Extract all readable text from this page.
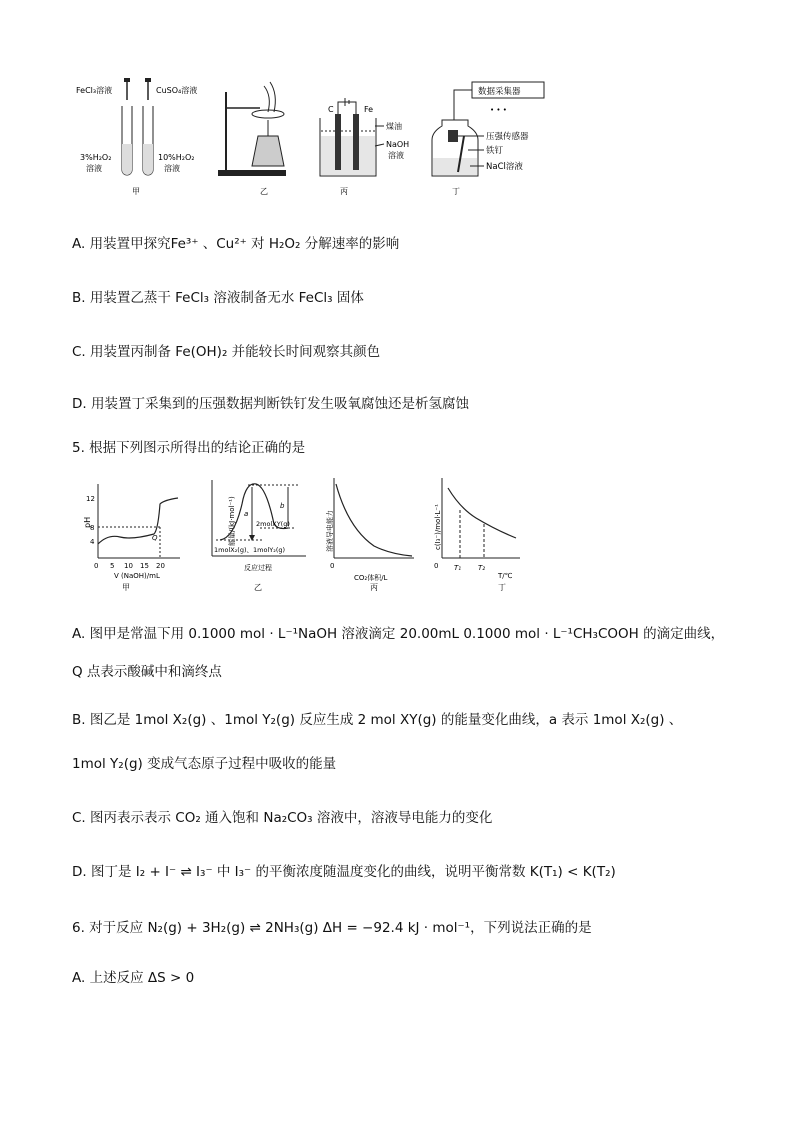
FeCl₃溶液	CuSO₄溶液
3%H₂O₂
溶液
10%H₂O₂
溶液
甲	乙
C	Fe
煤油
NaOH
溶液
丙
数据采集器
• • •
压强传感器
铁钉
NaCl溶液
丁
A. 用装置甲探究Fe³⁺ 、Cu²⁺ 对 H₂O₂ 分解速率的影响
B. 用装置乙蒸干 FeCl₃ 溶液制备无水 FeCl₃ 固体
C. 用装置丙制备 Fe(OH)₂ 并能较长时间观察其颜色
D. 用装置丁采集到的压强数据判断铁钉发生吸氧腐蚀还是析氢腐蚀
5. 根据下列图示所得出的结论正确的是
pH
12
8
4	Q
0 5 10 15 20
V (NaOH)/mL
甲
能量/(kJ·mol⁻¹) a
b
2molXY(g)
1molX₂(g)、1molY₂(g)
反应过程
乙
溶液导电能力
0
CO₂体积/L
丙
c(I₃⁻)/mol·L⁻¹
0 T₁ T₂
T/℃
丁
A. 图甲是常温下用 0.1000 mol · L⁻¹NaOH 溶液滴定 20.00mL 0.1000 mol · L⁻¹CH₃COOH 的滴定曲线，
Q 点表示酸碱中和滴终点
B. 图乙是 1mol X₂(g) 、1mol Y₂(g) 反应生成 2 mol XY(g) 的能量变化曲线，a 表示 1mol X₂(g) 、
1mol Y₂(g) 变成气态原子过程中吸收的能量
C. 图丙表示表示 CO₂ 通入饱和 Na₂CO₃ 溶液中，溶液导电能力的变化
D. 图丁是 I₂ + I⁻ ⇌ I₃⁻ 中 I₃⁻ 的平衡浓度随温度变化的曲线，说明平衡常数 K(T₁) < K(T₂)
6. 对于反应 N₂(g) + 3H₂(g) ⇌ 2NH₃(g) ΔH = −92.4 kJ · mol⁻¹，下列说法正确的是
A. 上述反应 ΔS > 0
